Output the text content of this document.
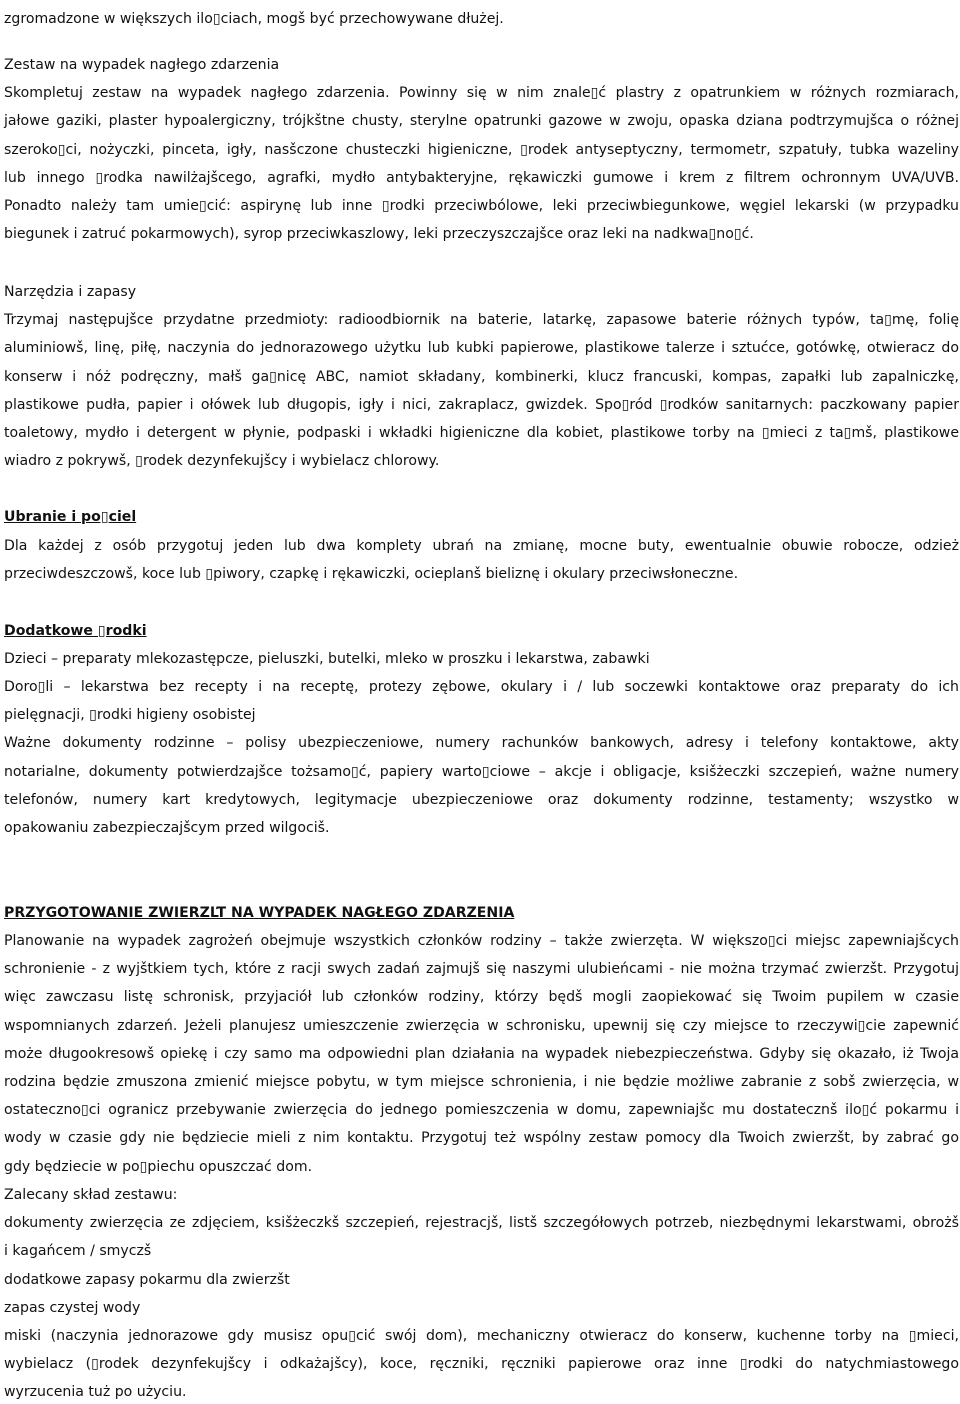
zgromadzone w większych ilo▯ciach, mogš być przechowywane dłużej.
Zestaw na wypadek nagłego zdarzenia
Skompletuj zestaw na wypadek nagłego zdarzenia. Powinny się w nim znale▯ć plastry z opatrunkiem w różnych rozmiarach,
jałowe gaziki, plaster hypoalergiczny, trójkštne chusty, sterylne opatrunki gazowe w zwoju, opaska dziana podtrzymujšca o różnej
szeroko▯ci, nożyczki, pinceta, igły, nasšczone chusteczki higieniczne, ▯rodek antyseptyczny, termometr, szpatuły, tubka wazeliny
lub innego ▯rodka nawilżajšcego, agrafki, mydło antybakteryjne, rękawiczki gumowe i krem z filtrem ochronnym UVA/UVB.
Ponadto należy tam umie▯cić: aspirynę lub inne ▯rodki przeciwbólowe, leki przeciwbiegunkowe, węgiel lekarski (w przypadku
biegunek i zatruć pokarmowych), syrop przeciwkaszlowy, leki przeczyszczajšce oraz leki na nadkwa▯no▯ć.
Narzędzia i zapasy
Trzymaj następujšce przydatne przedmioty: radioodbiornik na baterie, latarkę, zapasowe baterie różnych typów, ta▯mę, folię
aluminiowš, linę, piłę, naczynia do jednorazowego użytku lub kubki papierowe, plastikowe talerze i sztućce, gotówkę, otwieracz do
konserw i nóż podręczny, małš ga▯nicę ABC, namiot składany, kombinerki, klucz francuski, kompas, zapałki lub zapalniczkę,
plastikowe pudła, papier i ołówek lub długopis, igły i nici, zakraplacz, gwizdek. Spo▯ród ▯rodków sanitarnych: paczkowany papier
toaletowy, mydło i detergent w płynie, podpaski i wkładki higieniczne dla kobiet, plastikowe torby na ▯mieci z ta▯mš, plastikowe
wiadro z pokrywš, ▯rodek dezynfekujšcy i wybielacz chlorowy.
Ubranie i po▯ciel
Dla każdej z osób przygotuj jeden lub dwa komplety ubrań na zmianę, mocne buty, ewentualnie obuwie robocze, odzież
przeciwdeszczowš, koce lub ▯piwory, czapkę i rękawiczki, ocieplanš bieliznę i okulary przeciwsłoneczne.
Dodatkowe ▯rodki
Dzieci – preparaty mlekozastępcze, pieluszki, butelki, mleko w proszku i lekarstwa, zabawki
Doro▯li – lekarstwa bez recepty i na receptę, protezy zębowe, okulary i / lub soczewki kontaktowe oraz preparaty do ich
pielęgnacji, ▯rodki higieny osobistej
Ważne dokumenty rodzinne – polisy ubezpieczeniowe, numery rachunków bankowych, adresy i telefony kontaktowe, akty
notarialne, dokumenty potwierdzajšce tożsamo▯ć, papiery warto▯ciowe – akcje i obligacje, ksišżeczki szczepień, ważne numery
telefonów, numery kart kredytowych, legitymacje ubezpieczeniowe oraz dokumenty rodzinne, testamenty; wszystko w
opakowaniu zabezpieczajšcym przed wilgociš.
PRZYGOTOWANIE ZWIERZĽT NA WYPADEK NAGŁEGO ZDARZENIA
Planowanie na wypadek zagrożeń obejmuje wszystkich członków rodziny – także zwierzęta. W większo▯ci miejsc zapewniajšcych
schronienie - z wyjštkiem tych, które z racji swych zadań zajmujš się naszymi ulubieńcami - nie można trzymać zwierzšt. Przygotuj
więc zawczasu listę schronisk, przyjaciół lub członków rodziny, którzy będš mogli zaopiekować się Twoim pupilem w czasie
wspomnianych zdarzeń. Jeżeli planujesz umieszczenie zwierzęcia w schronisku, upewnij się czy miejsce to rzeczywi▯cie zapewnić
może długookresowš opiekę i czy samo ma odpowiedni plan działania na wypadek niebezpieczeństwa. Gdyby się okazało, iż Twoja
rodzina będzie zmuszona zmienić miejsce pobytu, w tym miejsce schronienia, i nie będzie możliwe zabranie z sobš zwierzęcia, w
ostateczno▯ci ogranicz przebywanie zwierzęcia do jednego pomieszczenia w domu, zapewniajšc mu dostatecznš ilo▯ć pokarmu i
wody w czasie gdy nie będziecie mieli z nim kontaktu. Przygotuj też wspólny zestaw pomocy dla Twoich zwierzšt, by zabrać go
gdy będziecie w po▯piechu opuszczać dom.
Zalecany skład zestawu:
dokumenty zwierzęcia ze zdjęciem, ksišżeczkš szczepień, rejestracjš, listš szczegółowych potrzeb, niezbędnymi lekarstwami, obrożš
i kagańcem / smyczš
dodatkowe zapasy pokarmu dla zwierzšt
zapas czystej wody
miski (naczynia jednorazowe gdy musisz opu▯cić swój dom), mechaniczny otwieracz do konserw, kuchenne torby na ▯mieci,
wybielacz (▯rodek dezynfekujšcy i odkażajšcy), koce, ręczniki, ręczniki papierowe oraz inne ▯rodki do natychmiastowego
wyrzucenia tuż po użyciu.
